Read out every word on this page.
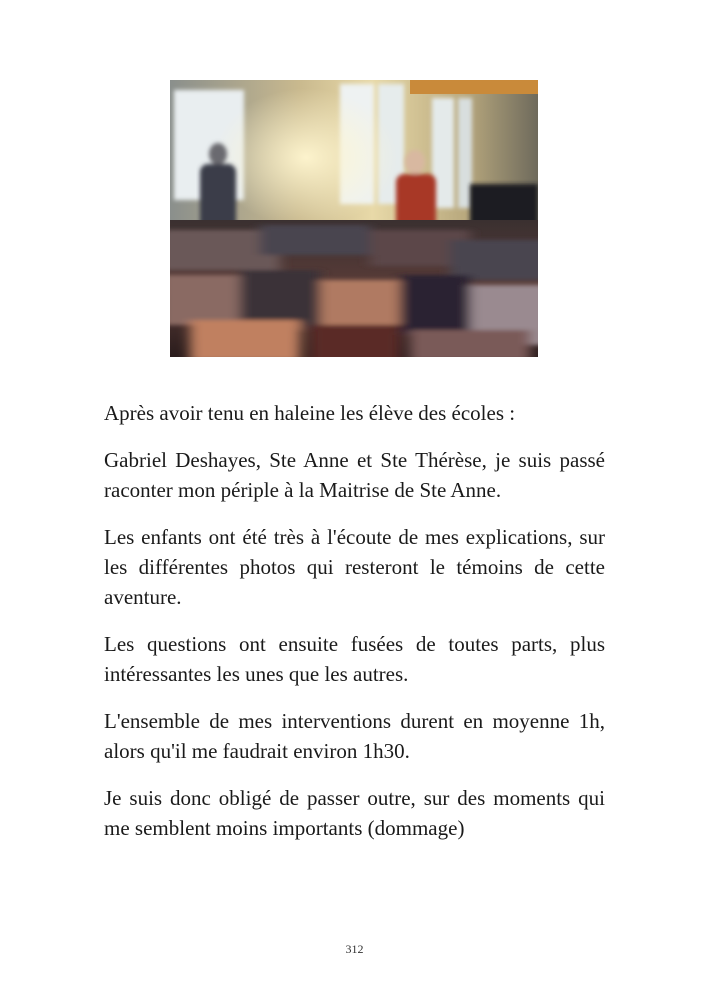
Après avoir tenu en haleine les élève des écoles :

Gabriel Deshayes, Ste Anne et Ste Thérèse, je suis passé raconter mon périple à la Maitrise de Ste Anne.

Les enfants ont été très à l'écoute de mes explications, sur les différentes photos qui resteront le témoins de cette aventure.

Les questions ont ensuite fusées de toutes parts, plus intéressantes les unes que les autres.

L'ensemble de mes interventions durent en moyenne 1h, alors qu'il me faudrait environ 1h30.

Je suis donc obligé de passer outre, sur des moments qui me semblent moins importants (dommage)

312
